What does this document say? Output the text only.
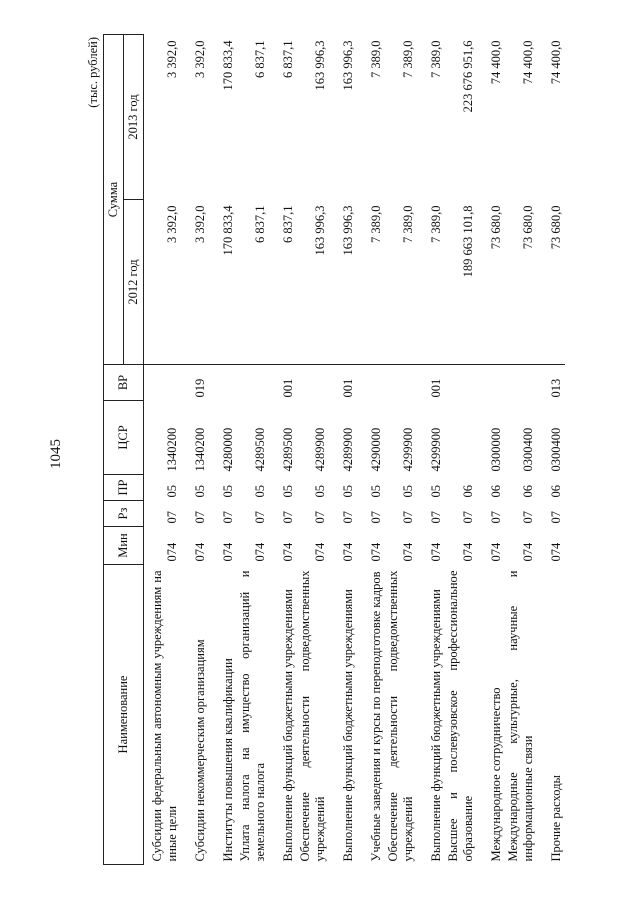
1045
(тыс. рублей)
Наименование	Мин	Рз	ПР	ЦСР	ВР	Сумма	
						2012 год	2013 год
Субсидии федеральным автономным учреждениям на иные цели	074	07	05	1340200		3 392,0	3 392,0
Субсидии некоммерческим организациям	074	07	05	1340200	019	3 392,0	3 392,0
Институты повышения квалификации	074	07	05	4280000		170 833,4	170 833,4
Уплата налога на имущество организаций и земельного налога	074	07	05	4289500		6 837,1	6 837,1
Выполнение функций бюджетными учреждениями	074	07	05	4289500	001	6 837,1	6 837,1
Обеспечение деятельности подведомственных учреждений	074	07	05	4289900		163 996,3	163 996,3
Выполнение функций бюджетными учреждениями	074	07	05	4289900	001	163 996,3	163 996,3
Учебные заведения и курсы по переподготовке кадров	074	07	05	4290000		7 389,0	7 389,0
Обеспечение деятельности подведомственных учреждений	074	07	05	4299900		7 389,0	7 389,0
Выполнение функций бюджетными учреждениями	074	07	05	4299900	001	7 389,0	7 389,0
Высшее и послевузовское профессиональное образование	074	07	06			189 663 101,8	223 676 951,6
Международное сотрудничество	074	07	06	0300000		73 680,0	74 400,0
Международные культурные, научные и информационные связи	074	07	06	0300400		73 680,0	74 400,0
Прочие расходы	074	07	06	0300400	013	73 680,0	74 400,0
